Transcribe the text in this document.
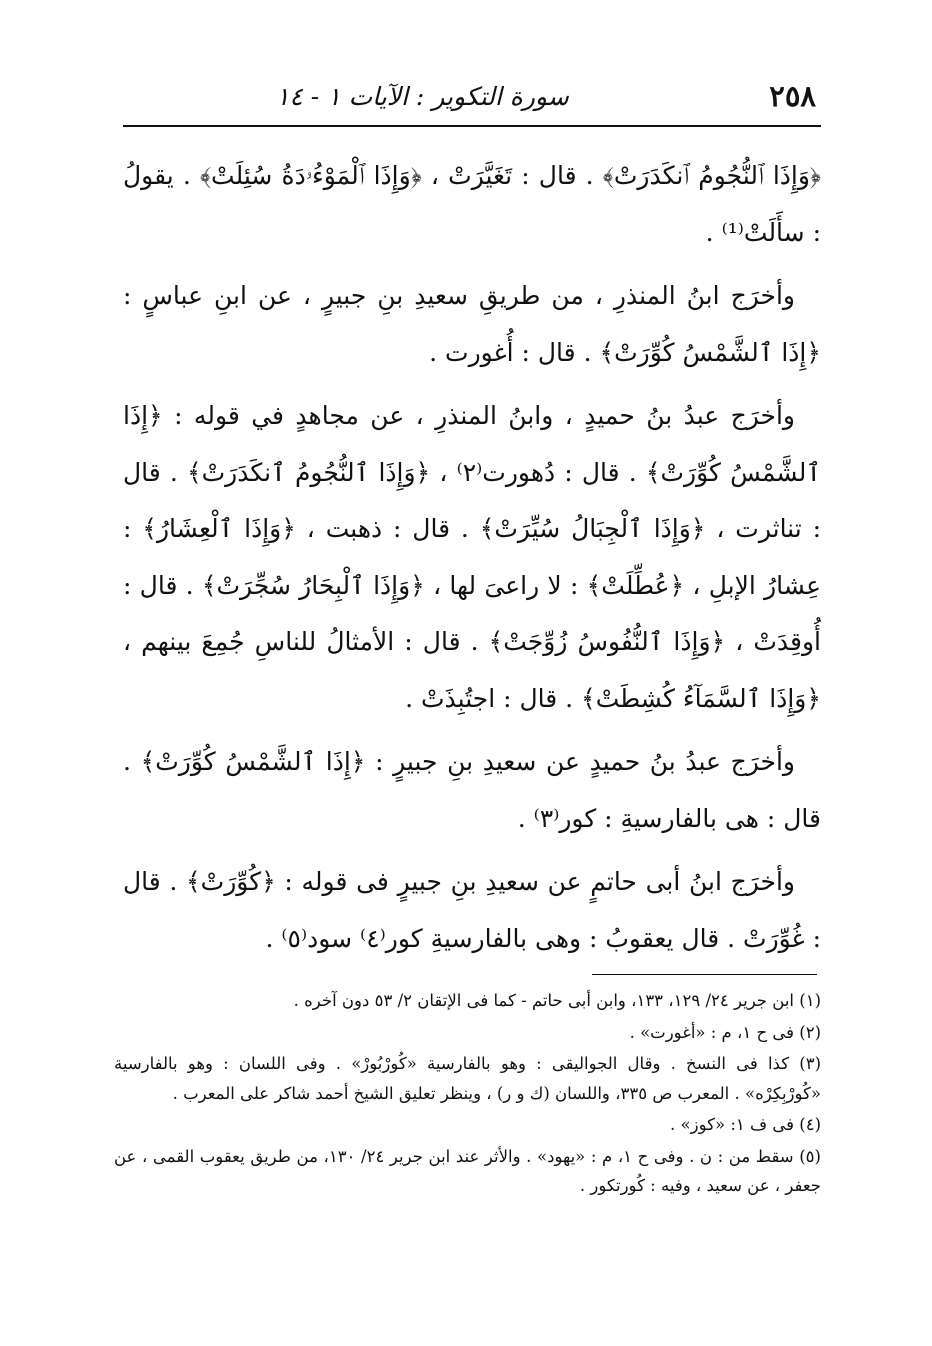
٢٥٨
سورة التكوير : الآيات ١ - ١٤

﴿وَإِذَا ٱلنُّجُومُ ٱنكَدَرَتْ﴾ . قال : تَغَيَّرَتْ ، ﴿وَإِذَا ٱلْمَوْءُۥدَةُ سُئِلَتْ﴾ . يقولُ : سأَلَتْ⁽¹⁾ .

وأخرَج ابنُ المنذرِ ، من طريقِ سعيدِ بنِ جبيرٍ ، عن ابنِ عباسٍ : ﴿إِذَا ٱلشَّمْسُ كُوِّرَتْ﴾ . قال : أُغورت .

وأخرَج عبدُ بنُ حميدٍ ، وابنُ المنذرِ ، عن مجاهدٍ في قوله : ﴿إِذَا ٱلشَّمْسُ كُوِّرَتْ﴾ . قال : دُهورت⁽٢⁾ ، ﴿وَإِذَا ٱلنُّجُومُ ٱنكَدَرَتْ﴾ . قال : تناثرت ، ﴿وَإِذَا ٱلْجِبَالُ سُيِّرَتْ﴾ . قال : ذهبت ، ﴿وَإِذَا ٱلْعِشَارُ﴾ : عِشارُ الإبلِ ، ﴿عُطِّلَتْ﴾ : لا راعىَ لها ، ﴿وَإِذَا ٱلْبِحَارُ سُجِّرَتْ﴾ . قال : أُوقِدَتْ ، ﴿وَإِذَا ٱلنُّفُوسُ زُوِّجَتْ﴾ . قال : الأمثالُ للناسِ جُمِعَ بينهم ، ﴿وَإِذَا ٱلسَّمَآءُ كُشِطَتْ﴾ . قال : اجتُبِذَتْ .

وأخرَج عبدُ بنُ حميدٍ عن سعيدِ بنِ جبيرٍ : ﴿إِذَا ٱلشَّمْسُ كُوِّرَتْ﴾ . قال : هى بالفارسيةِ : كور⁽٣⁾ .

وأخرَج ابنُ أبى حاتمٍ عن سعيدِ بنِ جبيرٍ فى قوله : ﴿كُوِّرَتْ﴾ . قال : غُوِّرَتْ . قال يعقوبُ : وهى بالفارسيةِ كور⁽٤⁾ سود⁽٥⁾ .

(١) ابن جرير ٢٤/ ١٢٩، ١٣٣، وابن أبى حاتم - كما فى الإتقان ٢/ ٥٣ دون آخره .

(٢) فى ح ١، م : «أغورت» .

(٣) كذا فى النسخ . وقال الجواليقى : وهو بالفارسية «كُورْبُورْ» . وفى اللسان : وهو بالفارسية «كُورْبِكِرْه» . المعرب ص ٣٣٥، واللسان (ك و ر) ، وينظر تعليق الشيخ أحمد شاكر على المعرب .

(٤) فى ف ١: «كوز» .

(٥) سقط من : ن . وفى ح ١، م : «يهود» . والأثر عند ابن جرير ٢٤/ ١٣٠، من طريق يعقوب القمى ، عن جعفر ، عن سعيد ، وفيه : كُورتكور .
